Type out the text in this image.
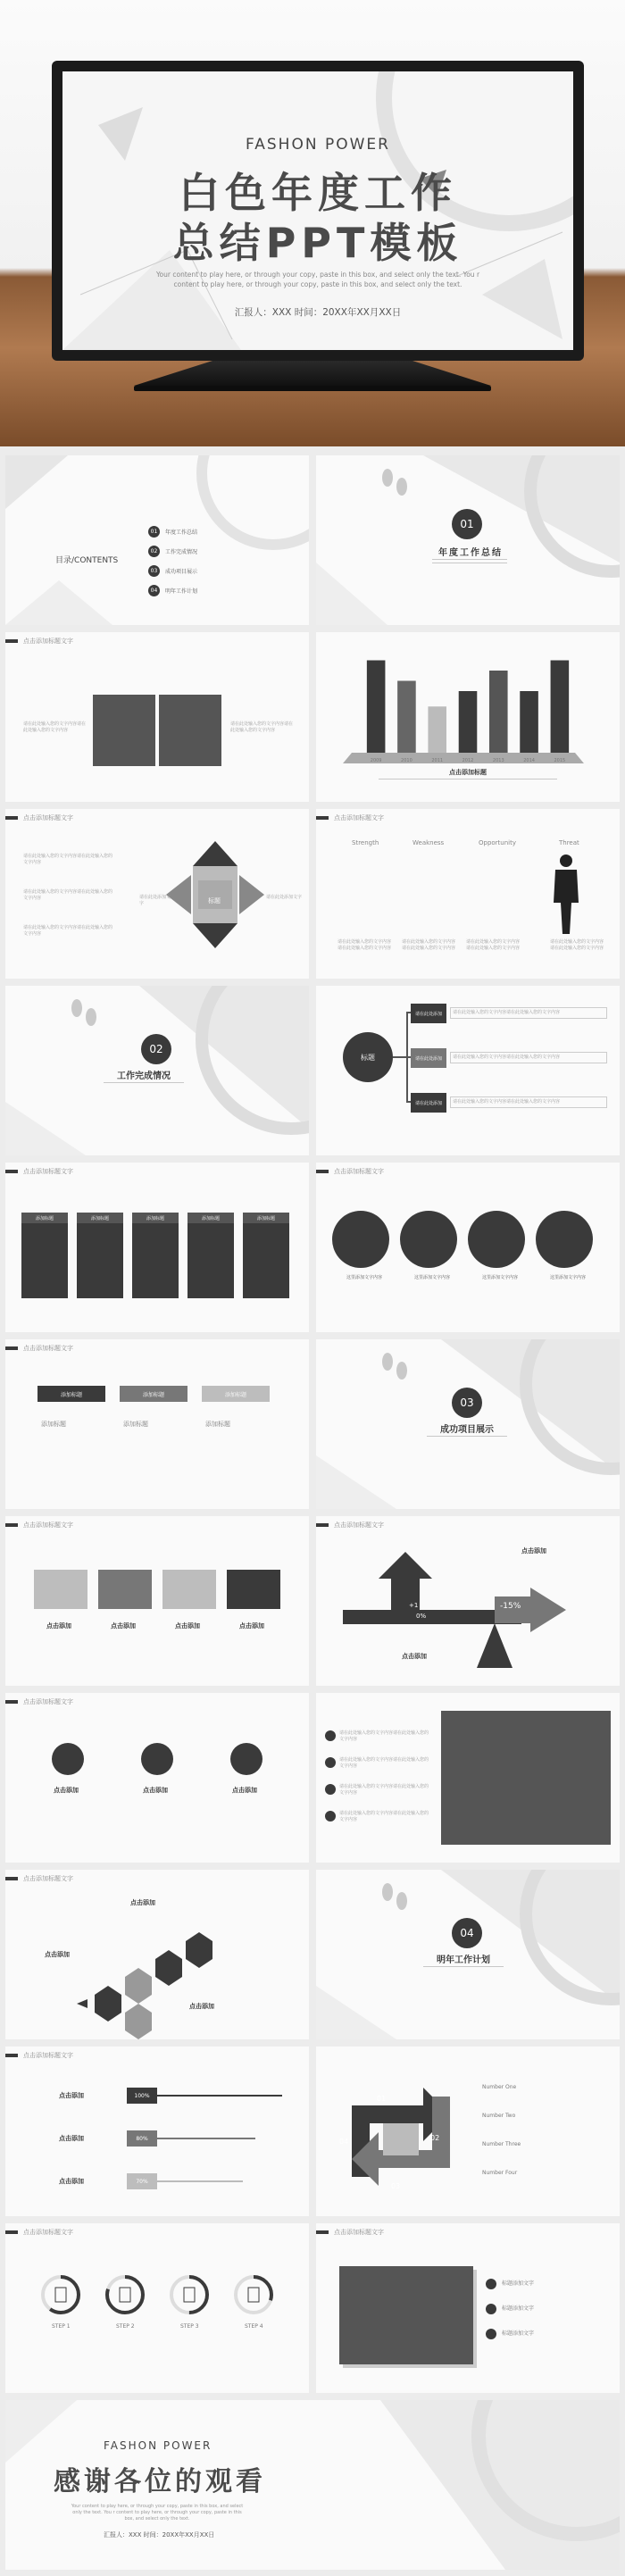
FASHON POWER
白色年度工作
总结PPT模板
Your content to play here, or through your copy, paste in this box, and select only the text. You r content to play here, or through your copy, paste in this box, and select only the text.
汇报人：XXX 时间：20XX年XX月XX日
目录/CONTENTS
01	年度工作总结
02	工作完成情况
03	成功项目展示
04	明年工作计划
01
年度工作总结
点击添加标题文字
请在此处输入您的文字内容请在此处输入您的文字内容
请在此处输入您的文字内容请在此处输入您的文字内容
2009	2010	2011	2012	2013	2014	2015
点击添加标题
点击添加标题文字
标题
请在此处输入您的文字内容请在此处输入您的文字内容
请在此处输入您的文字内容请在此处输入您的文字内容
请在此处输入您的文字内容请在此处输入您的文字内容
请在此处添加文字
请在此处添加文字
点击添加标题文字
Strength	Weakness	Opportunity	Threat
请在此处输入您的文字内容请在此处输入您的文字内容
请在此处输入您的文字内容请在此处输入您的文字内容
请在此处输入您的文字内容请在此处输入您的文字内容
请在此处输入您的文字内容请在此处输入您的文字内容
02
工作完成情况
标题
请在此处添加
请在此处添加
请在此处添加
请在此处输入您的文字内容请在此处输入您的文字内容
请在此处输入您的文字内容请在此处输入您的文字内容
请在此处输入您的文字内容请在此处输入您的文字内容
点击添加标题文字
添加标题	添加标题	添加标题	添加标题	添加标题
点击添加标题文字
这里添加文字内容	这里添加文字内容	这里添加文字内容	这里添加文字内容
点击添加标题文字
添加标题	添加标题	添加标题
添加标题	添加标题	添加标题
03
成功项目展示
点击添加标题文字
点击添加	点击添加	点击添加	点击添加
点击添加标题文字
点击添加
点击添加
+1
0%
-15%
点击添加标题文字
点击添加	点击添加	点击添加
请在此处输入您的文字内容请在此处输入您的文字内容
请在此处输入您的文字内容请在此处输入您的文字内容
请在此处输入您的文字内容请在此处输入您的文字内容
请在此处输入您的文字内容请在此处输入您的文字内容
点击添加标题文字
点击添加
点击添加
点击添加
04
明年工作计划
点击添加标题文字
100%
80%
70%
点击添加
点击添加
点击添加
01
02
03
04
Number One
Number Two
Number Three
Number Four
点击添加标题文字
STEP 1	STEP 2	STEP 3	STEP 4
点击添加标题文字
标题添加文字
标题添加文字
标题添加文字
FASHON POWER
感谢各位的观看
Your content to play here, or through your copy, paste in this box, and select only the text. You r content to play here, or through your copy, paste in this box, and select only the text.
汇报人：XXX 时间：20XX年XX月XX日
